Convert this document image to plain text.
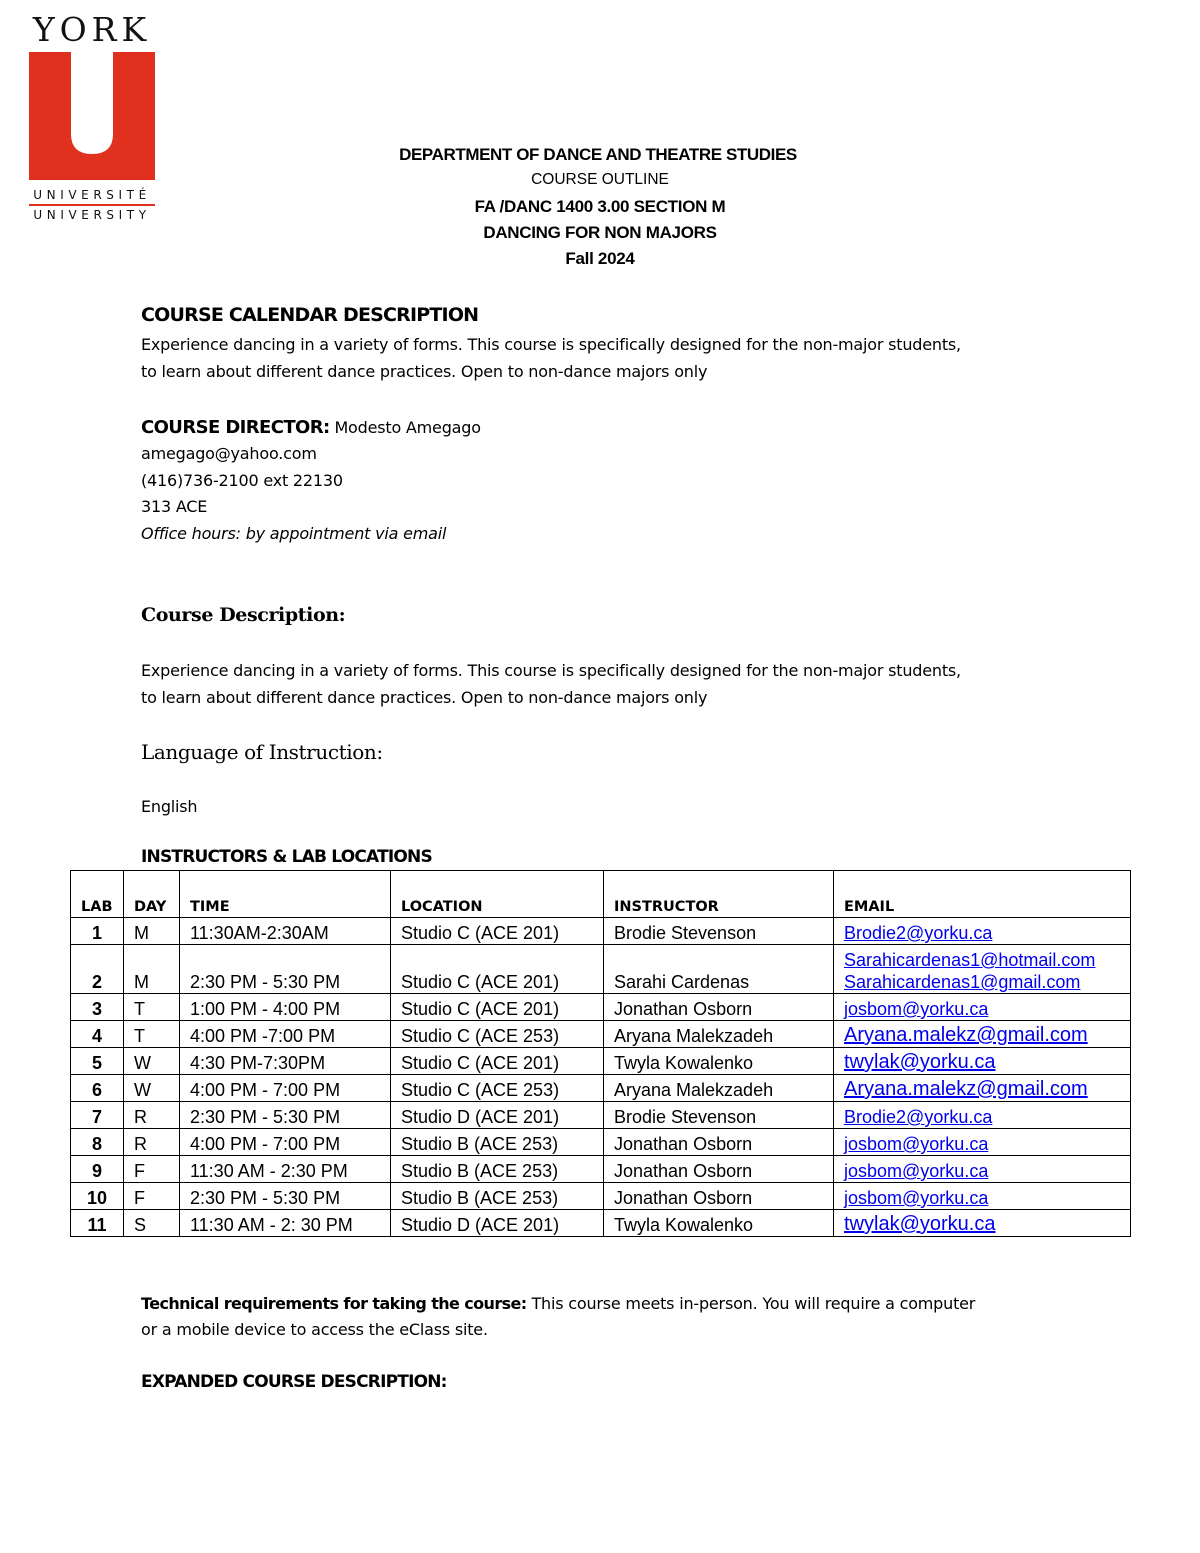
YORK
UNIVERSITÉ
UNIVERSITY
DEPARTMENT OF DANCE AND THEATRE STUDIES
COURSE OUTLINE
FA /DANC 1400 3.00 SECTION M
DANCING FOR NON MAJORS
Fall 2024
COURSE CALENDAR DESCRIPTION
Experience dancing in a variety of forms. This course is specifically designed for the non-major students,
to learn about different dance practices. Open to non-dance majors only
COURSE DIRECTOR: Modesto Amegago
amegago@yahoo.com
(416)736-2100 ext 22130
313 ACE
Office hours: by appointment via email
Course Description:
Experience dancing in a variety of forms. This course is specifically designed for the non-major students,
to learn about different dance practices. Open to non-dance majors only
Language of Instruction:
English
INSTRUCTORS & LAB LOCATIONS
LAB	DAY	TIME	LOCATION	INSTRUCTOR	EMAIL
1	M	11:30AM-2:30AM	Studio C (ACE 201)	Brodie Stevenson	Brodie2@yorku.ca
2	M	2:30 PM - 5:30 PM	Studio C (ACE 201)	Sarahi Cardenas	Sarahicardenas1@hotmail.com
Sarahicardenas1@gmail.com

3	T	1:00 PM - 4:00 PM	Studio C (ACE 201)	Jonathan Osborn	josbom@yorku.ca
4	T	4:00 PM -7:00 PM	Studio C (ACE 253)	Aryana Malekzadeh	Aryana.malekz@gmail.com
5	W	4:30 PM-7:30PM	Studio C (ACE 201)	Twyla Kowalenko	twylak@yorku.ca
6	W	4:00 PM - 7:00 PM	Studio C (ACE 253)	Aryana Malekzadeh	Aryana.malekz@gmail.com
7	R	2:30 PM - 5:30 PM	Studio D (ACE 201)	Brodie Stevenson	Brodie2@yorku.ca
8	R	4:00 PM - 7:00 PM	Studio B (ACE 253)	Jonathan Osborn	josbom@yorku.ca
9	F	11:30 AM - 2:30 PM	Studio B (ACE 253)	Jonathan Osborn	josbom@yorku.ca
10	F	2:30 PM - 5:30 PM	Studio B (ACE 253)	Jonathan Osborn	josbom@yorku.ca
11	S	11:30 AM - 2: 30 PM	Studio D (ACE 201)	Twyla Kowalenko	twylak@yorku.ca
Technical requirements for taking the course: This course meets in-person. You will require a computer
or a mobile device to access the eClass site.
EXPANDED COURSE DESCRIPTION:
